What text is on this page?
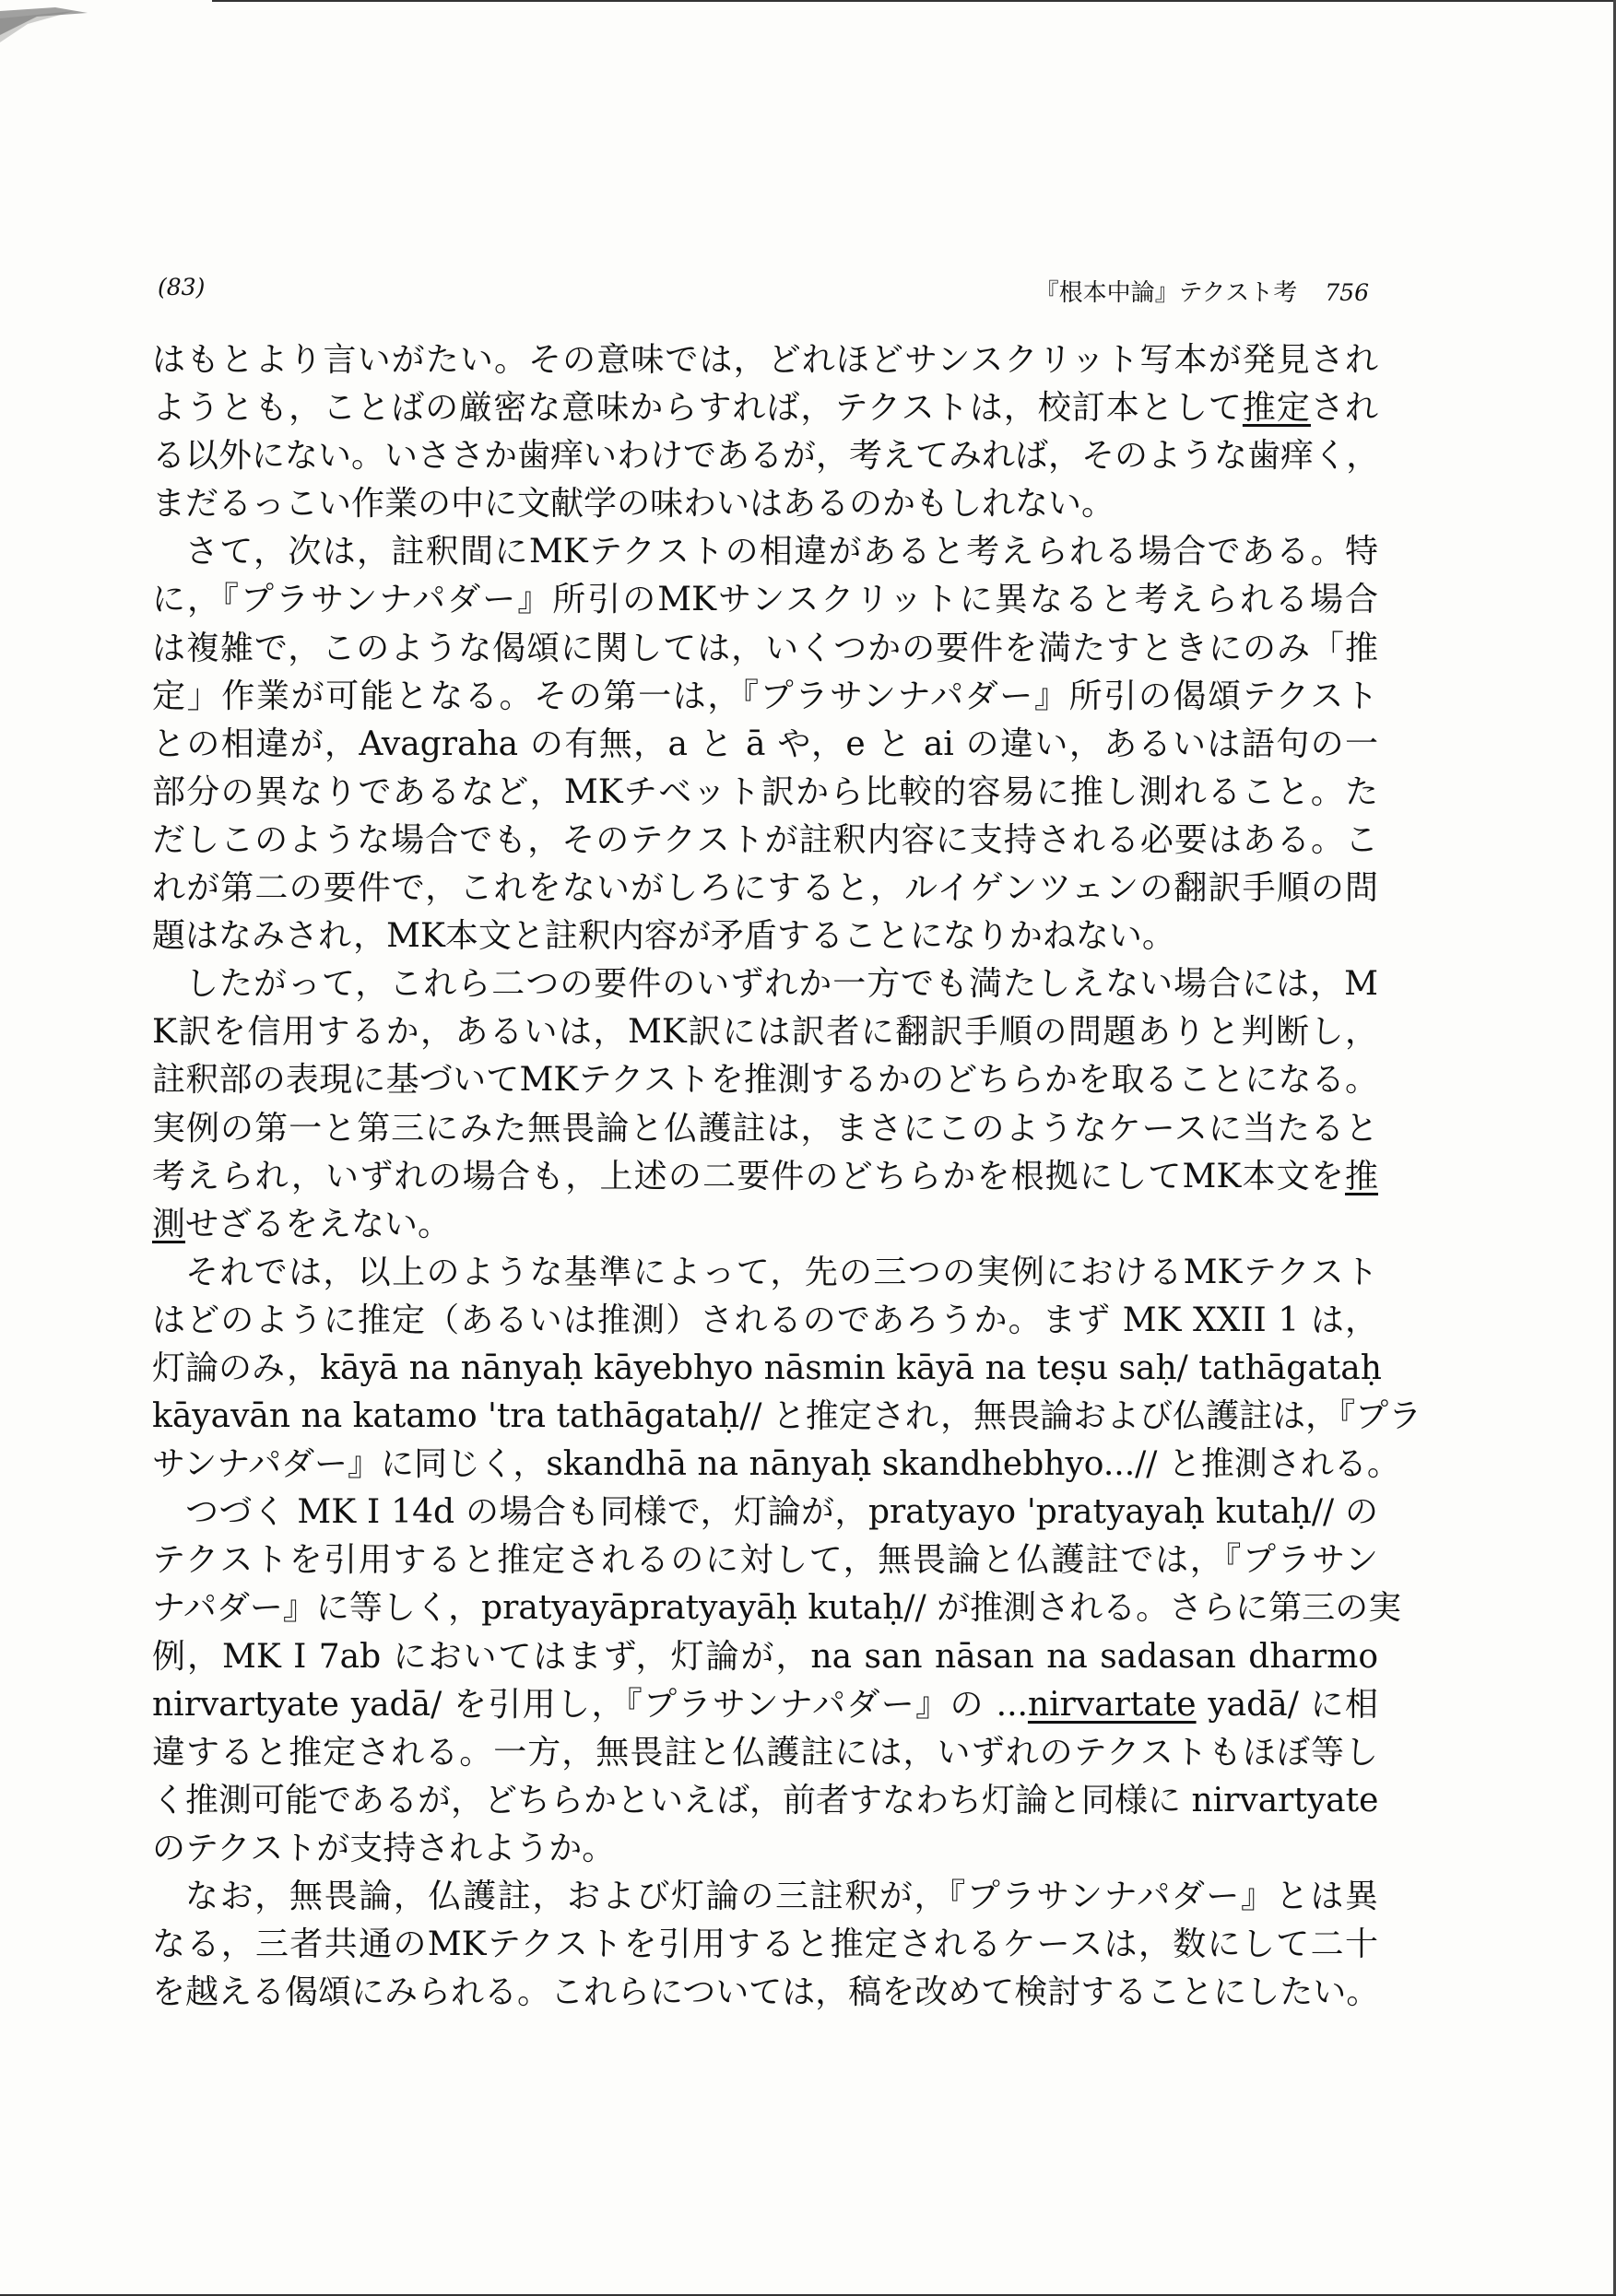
(83)	『根本中論』テクスト考 756
はもとより言いがたい。その意味では，どれほどサンスクリット写本が発見され
ようとも，ことばの厳密な意味からすれば，テクストは，校訂本として推定され
る以外にない。いささか歯痒いわけであるが，考えてみれば，そのような歯痒く，
まだるっこい作業の中に文献学の味わいはあるのかもしれない。
さて，次は，註釈間にMKテクストの相違があると考えられる場合である。特
に，『プラサンナパダー』所引のMKサンスクリットに異なると考えられる場合
は複雑で，このような偈頌に関しては，いくつかの要件を満たすときにのみ「推
定」作業が可能となる。その第一は，『プラサンナパダー』所引の偈頌テクスト
との相違が，Avagraha の有無，a と ā や，e と ai の違い，あるいは語句の一
部分の異なりであるなど，MKチベット訳から比較的容易に推し測れること。た
だしこのような場合でも，そのテクストが註釈内容に支持される必要はある。こ
れが第二の要件で，これをないがしろにすると，ルイゲンツェンの翻訳手順の問
題はなみされ，MK本文と註釈内容が矛盾することになりかねない。
したがって，これら二つの要件のいずれか一方でも満たしえない場合には，M
K訳を信用するか，あるいは，MK訳には訳者に翻訳手順の問題ありと判断し，
註釈部の表現に基づいてMKテクストを推測するかのどちらかを取ることになる。
実例の第一と第三にみた無畏論と仏護註は，まさにこのようなケースに当たると
考えられ，いずれの場合も，上述の二要件のどちらかを根拠にしてMK本文を推
測せざるをえない。
それでは，以上のような基準によって，先の三つの実例におけるMKテクスト
はどのように推定（あるいは推測）されるのであろうか。まず MK XXII 1 は，
灯論のみ，kāyā na nānyaḥ kāyebhyo nāsmin kāyā na teṣu saḥ/ tathāgataḥ
kāyavān na katamo 'tra tathāgataḥ// と推定され，無畏論および仏護註は，『プラ
サンナパダー』に同じく，skandhā na nānyaḥ skandhebhyo...// と推測される。
つづく MK I 14d の場合も同様で，灯論が，pratyayo 'pratyayaḥ kutaḥ// の
テクストを引用すると推定されるのに対して，無畏論と仏護註では，『プラサン
ナパダー』に等しく，pratyayāpratyayāḥ kutaḥ// が推測される。さらに第三の実
例，MK I 7ab においてはまず，灯論が，na san nāsan na sadasan dharmo
nirvartyate yadā/ を引用し，『プラサンナパダー』の ...nirvartate yadā/ に相
違すると推定される。一方，無畏註と仏護註には，いずれのテクストもほぼ等し
く推測可能であるが，どちらかといえば，前者すなわち灯論と同様に nirvartyate
のテクストが支持されようか。
なお，無畏論，仏護註，および灯論の三註釈が，『プラサンナパダー』とは異
なる，三者共通のMKテクストを引用すると推定されるケースは，数にして二十
を越える偈頌にみられる。これらについては，稿を改めて検討することにしたい。
